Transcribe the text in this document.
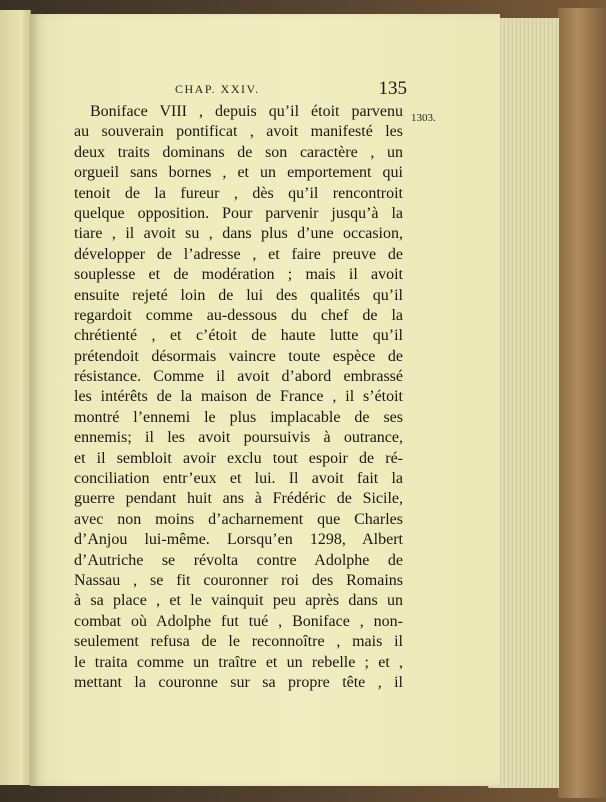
CHAP. XXIV.	135
1303.
Boniface VIII , depuis qu’il étoit parvenu
au souverain pontificat , avoit manifesté les
deux traits dominans de son caractère , un
orgueil sans bornes , et un emportement qui
tenoit de la fureur , dès qu’il rencontroit
quelque opposition. Pour parvenir jusqu’à la
tiare , il avoit su , dans plus d’une occasion,
développer de l’adresse , et faire preuve de
souplesse et de modération ; mais il avoit
ensuite rejeté loin de lui des qualités qu’il
regardoit comme au-dessous du chef de la
chrétienté , et c’étoit de haute lutte qu’il
prétendoit désormais vaincre toute espèce de
résistance. Comme il avoit d’abord embrassé
les intérêts de la maison de France , il s’étoit
montré l’ennemi le plus implacable de ses
ennemis; il les avoit poursuivis à outrance,
et il sembloit avoir exclu tout espoir de ré-
conciliation entr’eux et lui. Il avoit fait la
guerre pendant huit ans à Frédéric de Sicile,
avec non moins d’acharnement que Charles
d’Anjou lui-même. Lorsqu’en 1298, Albert
d’Autriche se révolta contre Adolphe de
Nassau , se fit couronner roi des Romains
à sa place , et le vainquit peu après dans un
combat où Adolphe fut tué , Boniface , non-
seulement refusa de le reconnoître , mais il
le traita comme un traître et un rebelle ; et ,
mettant la couronne sur sa propre tête , il
